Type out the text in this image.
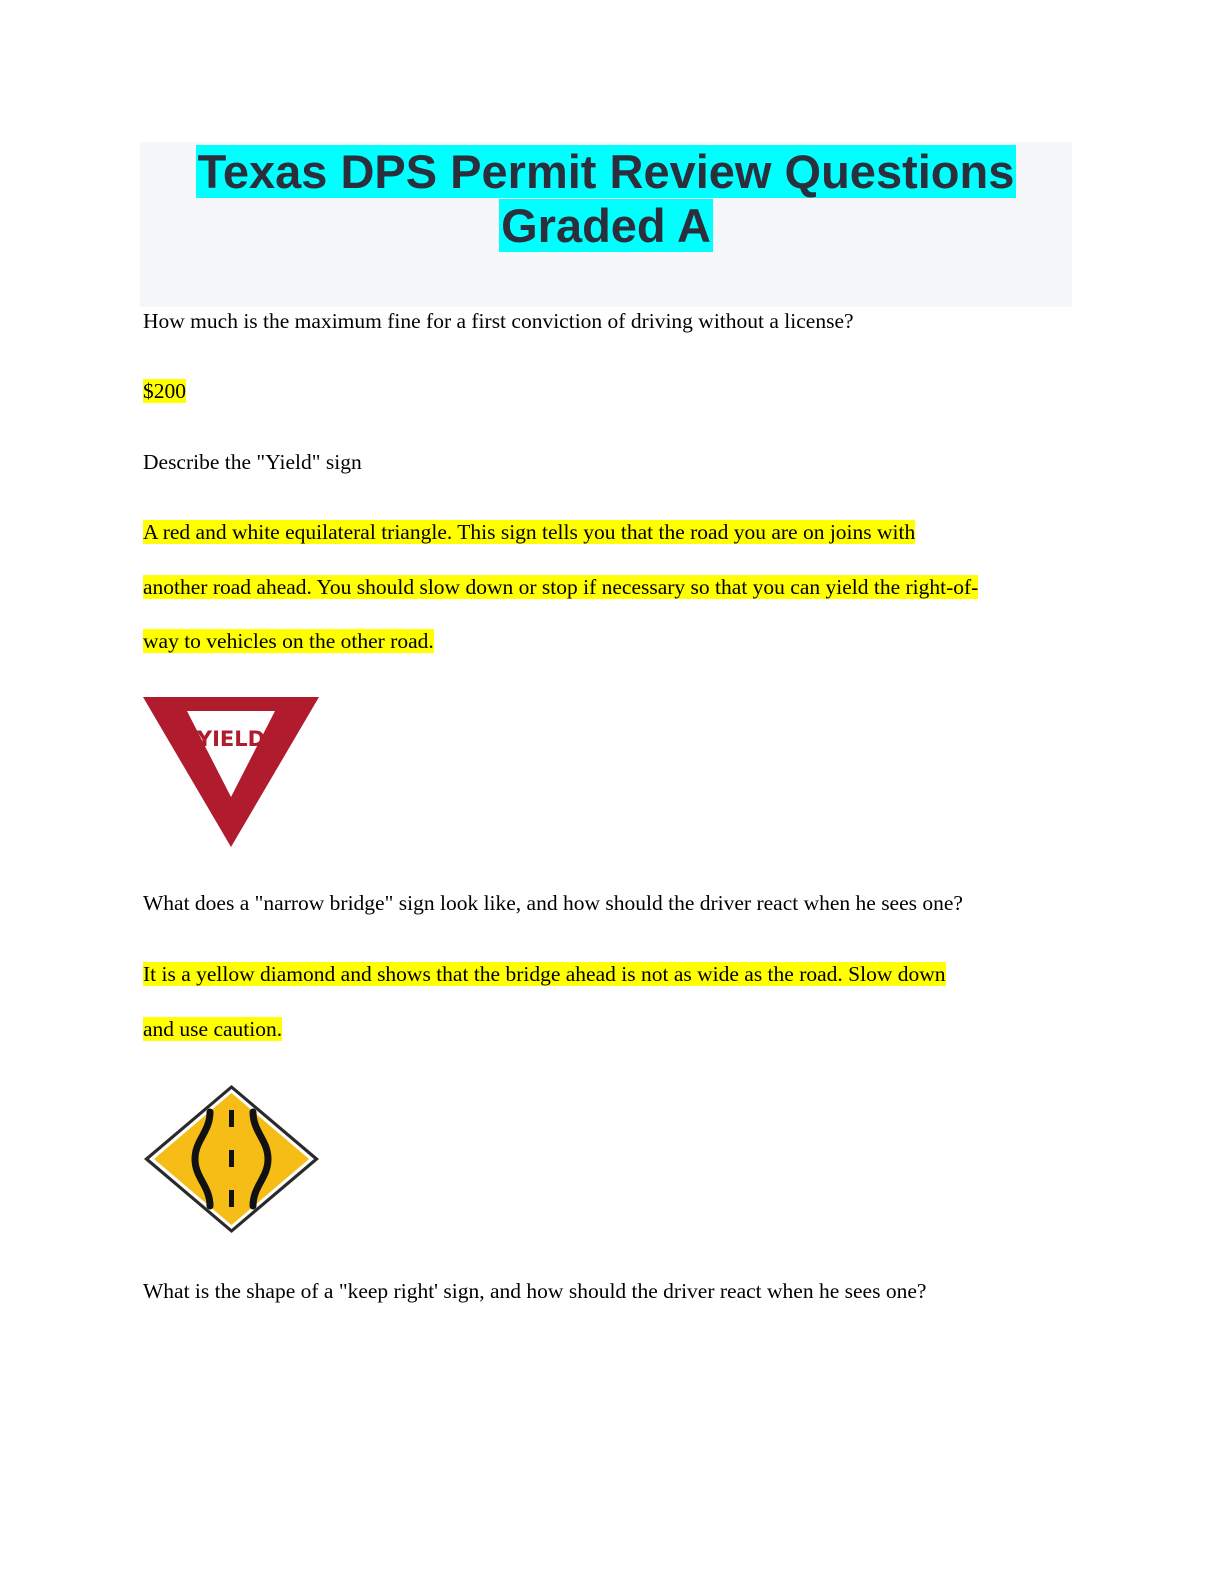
Texas DPS Permit Review Questions
Graded A

How much is the maximum fine for a first conviction of driving without a license?

$200

Describe the "Yield" sign

A red and white equilateral triangle. This sign tells you that the road you are on joins with

another road ahead. You should slow down or stop if necessary so that you can yield the right-of-

way to vehicles on the other road.

YIELD

What does a "narrow bridge" sign look like, and how should the driver react when he sees one?

It is a yellow diamond and shows that the bridge ahead is not as wide as the road. Slow down

and use caution.

What is the shape of a "keep right' sign, and how should the driver react when he sees one?
